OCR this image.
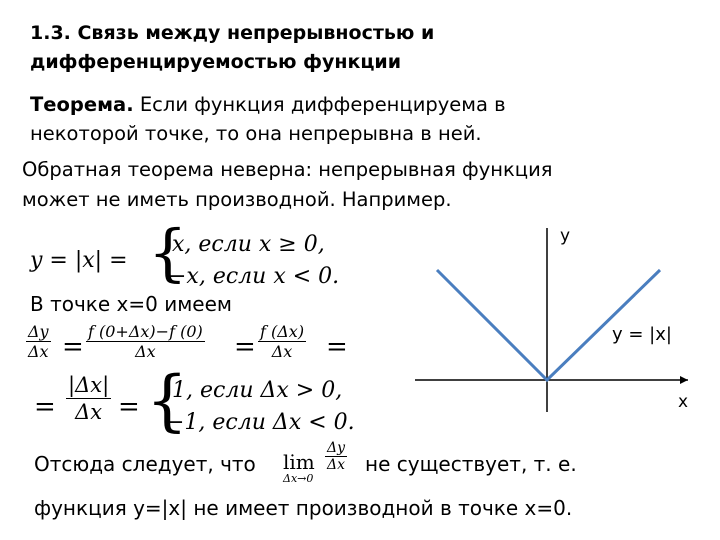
1.3. Связь между непрерывностью и
дифференцируемостью функции
Теорема. Если функция дифференцируема в
некоторой точке, то она непрерывна в ней.
Обратная теорема неверна: непрерывная функция
может не иметь производной. Например.
y = |x| = {
x, если x ≥ 0,
−x, если x < 0.
В точке x=0 имеем
$\frac{\Delta y}{\Delta x} = \frac{f (0+\Delta x)-f (0)}{\Delta x} = \frac{f (\Delta x)}{\Delta x}$ =
= $\frac{|\Delta x|}{\Delta x}$ = {
1, если Δx > 0,
−1, если Δx < 0.
Отсюда следует, что lim
Δx→0
$\frac{\Delta y}{\Delta x}$ не существует, т. е.
функция y=|x| не имеет производной в точке x=0.
y
x
y = |x|
